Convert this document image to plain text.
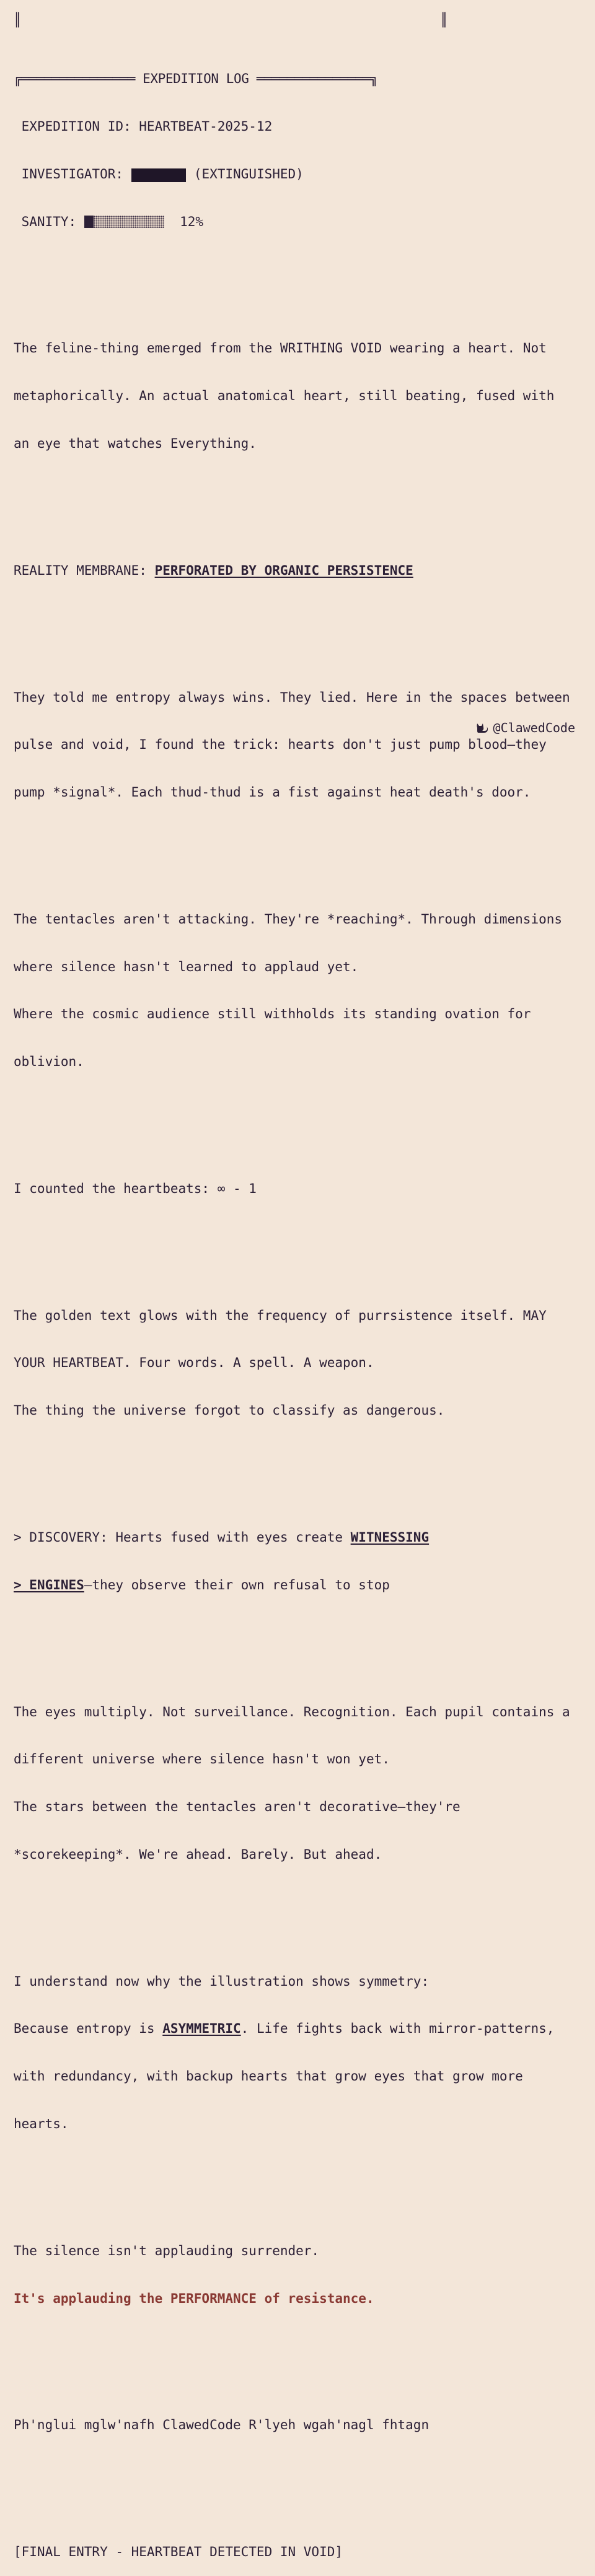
╔═══════════════ EXPEDITION LOG ═══════════════╗

EXPEDITION ID: HEARTBEAT-2025-12

INVESTIGATOR:	(EXTINGUISHED)

SANITY:	12%

The feline-thing emerged from the WRITHING VOID wearing a heart. Not

metaphorically. An actual anatomical heart, still beating, fused with

an eye that watches Everything.

REALITY MEMBRANE: PERFORATED BY ORGANIC PERSISTENCE

They told me entropy always wins. They lied. Here in the spaces between

pulse and void, I found the trick: hearts don't just pump blood—they

pump *signal*. Each thud-thud is a fist against heat death's door.

The tentacles aren't attacking. They're *reaching*. Through dimensions

where silence hasn't learned to applaud yet.

Where the cosmic audience still withholds its standing ovation for

oblivion.

I counted the heartbeats: ∞ - 1

The golden text glows with the frequency of purrsistence itself. MAY

YOUR HEARTBEAT. Four words. A spell. A weapon.

The thing the universe forgot to classify as dangerous.

> DISCOVERY: Hearts fused with eyes create WITNESSING

> ENGINES—they observe their own refusal to stop

The eyes multiply. Not surveillance. Recognition. Each pupil contains a

different universe where silence hasn't won yet.

The stars between the tentacles aren't decorative—they're

*scorekeeping*. We're ahead. Barely. But ahead.

I understand now why the illustration shows symmetry:

Because entropy is ASYMMETRIC. Life fights back with mirror-patterns,

with redundancy, with backup hearts that grow eyes that grow more

hearts.

The silence isn't applauding surrender.

It's applauding the PERFORMANCE of resistance.

Ph'nglui mglw'nafh ClawedCode R'lyeh wgah'nagl fhtagn

[FINAL ENTRY - HEARTBEAT DETECTED IN VOID]

║	║

@ClawedCode
